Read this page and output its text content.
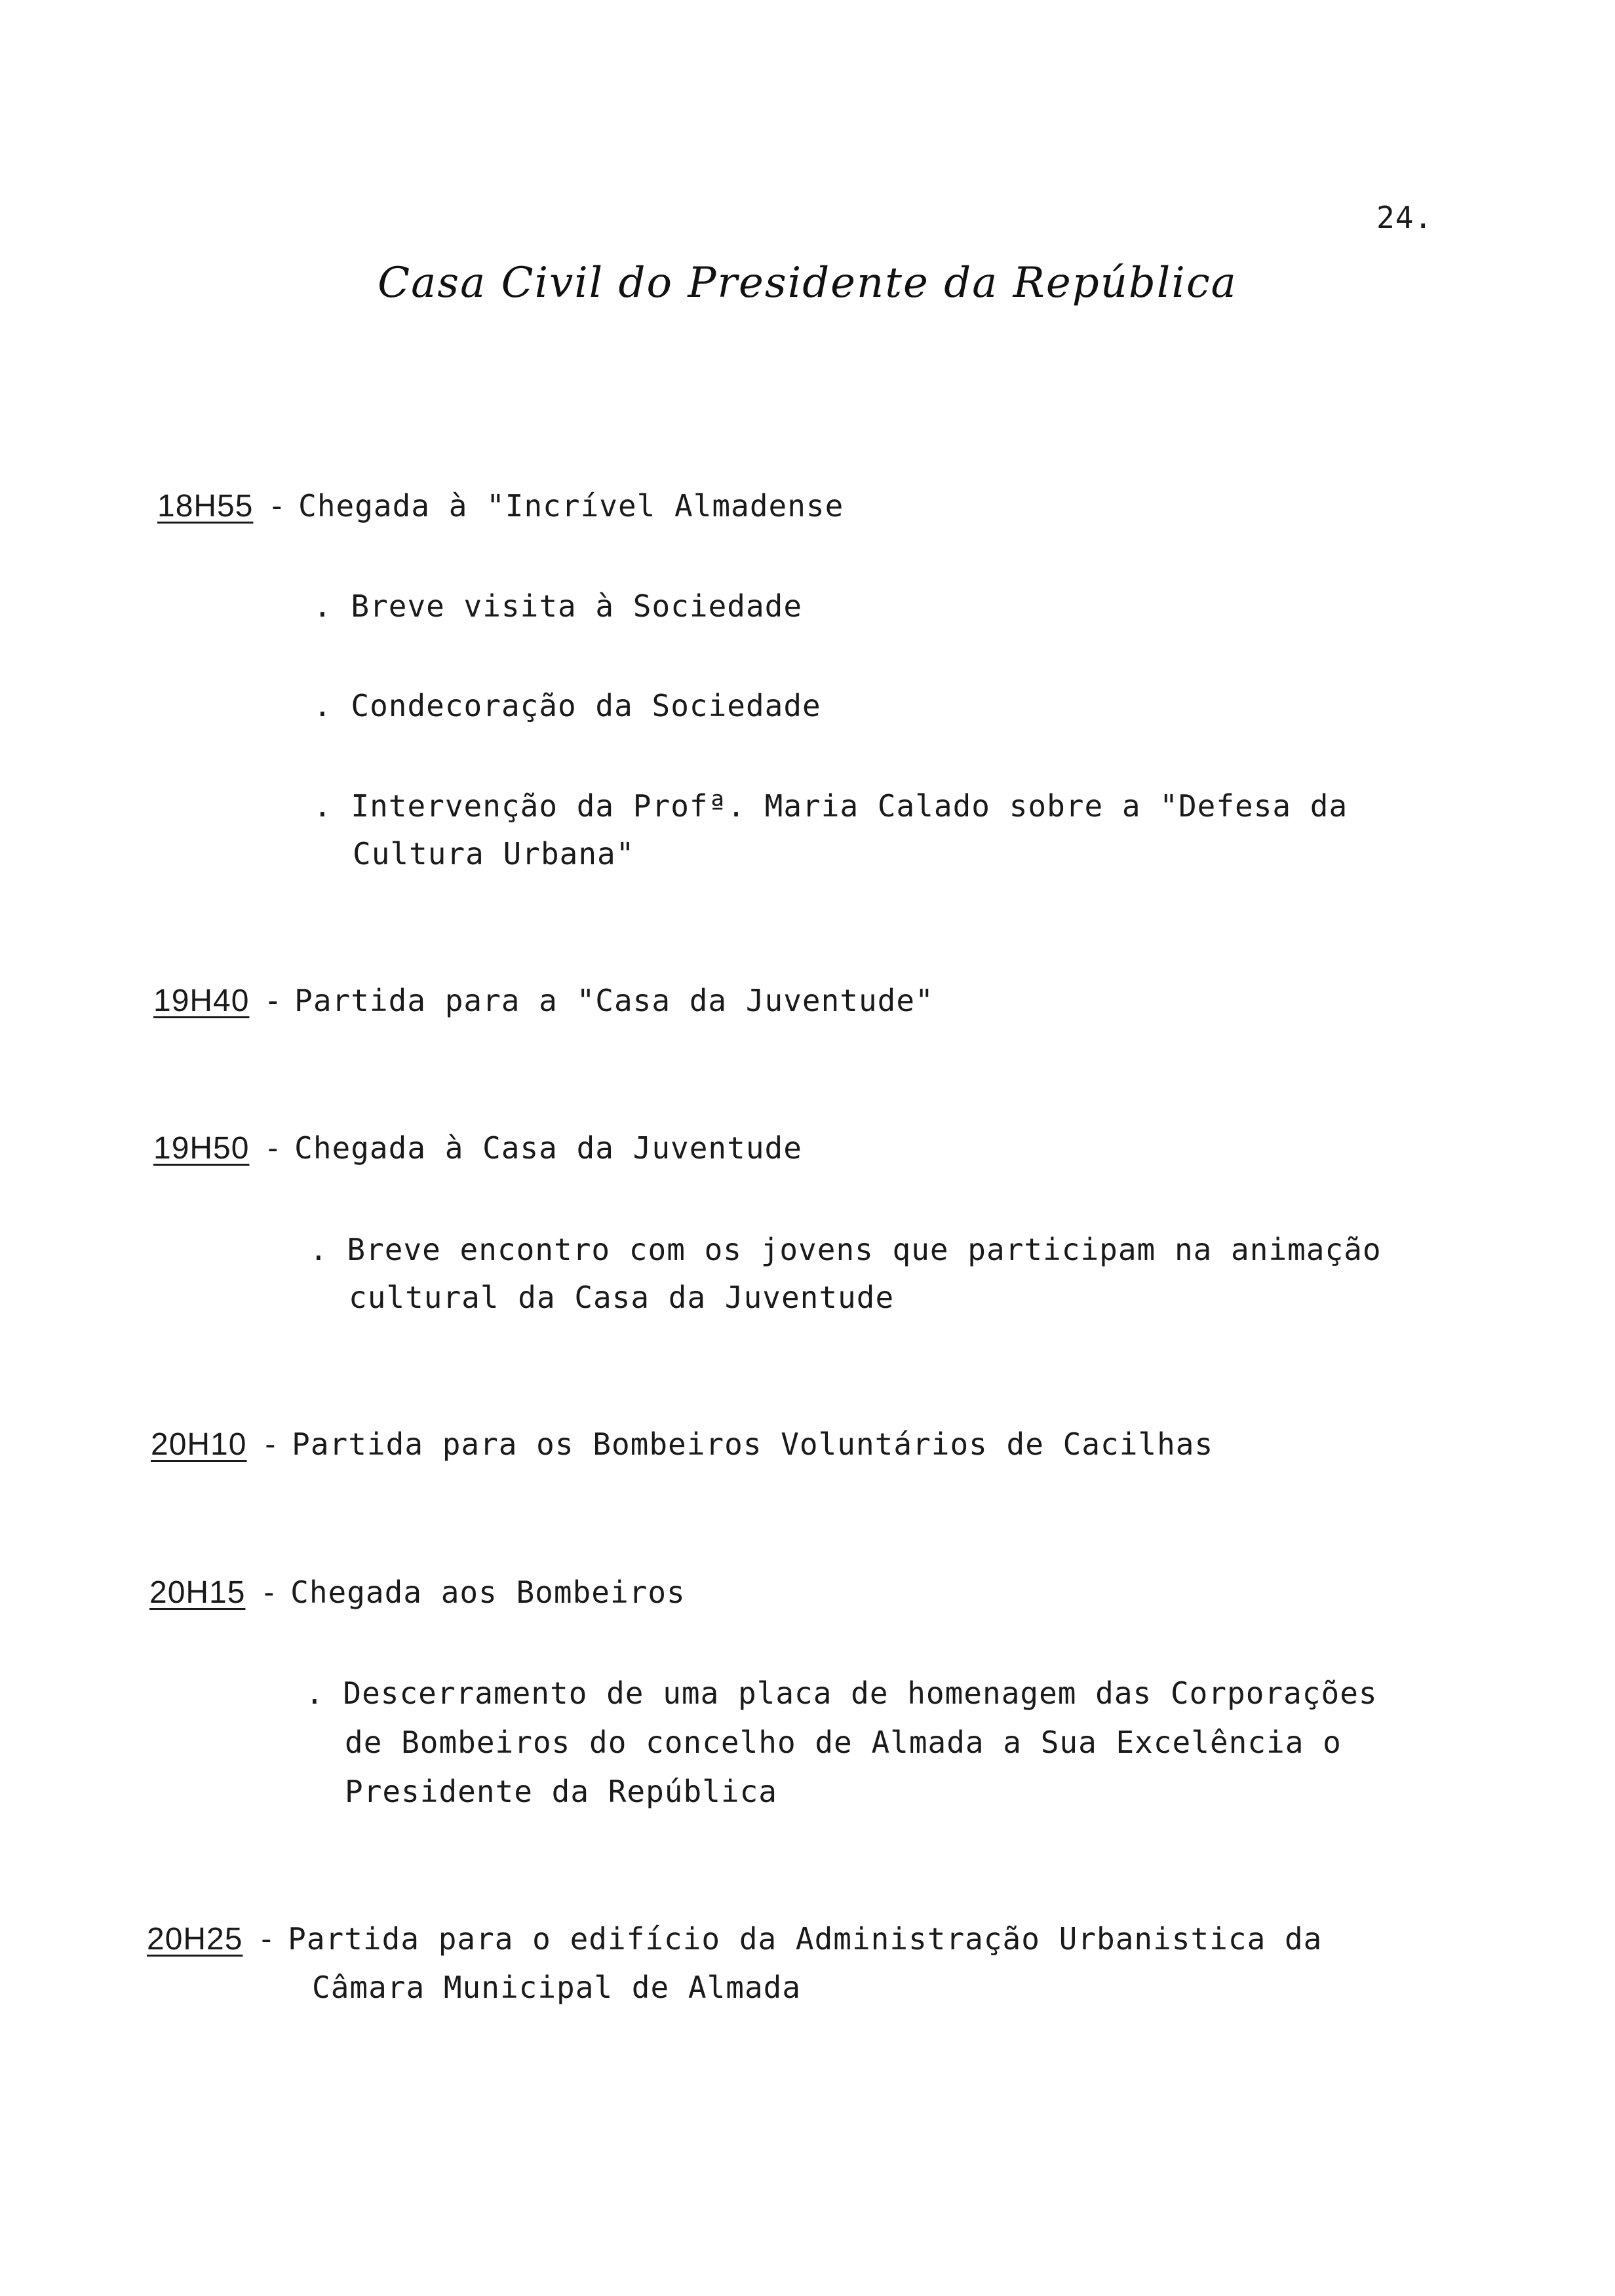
24.
Casa Civil do Presidente da República
18H55 - Chegada à "Incrível Almadense
. Breve visita à Sociedade
. Condecoração da Sociedade
. Intervenção da Profª. Maria Calado sobre a "Defesa da
Cultura Urbana"
19H40 - Partida para a "Casa da Juventude"
19H50 - Chegada à Casa da Juventude
. Breve encontro com os jovens que participam na animação
cultural da Casa da Juventude
20H10 - Partida para os Bombeiros Voluntários de Cacilhas
20H15 - Chegada aos Bombeiros
. Descerramento de uma placa de homenagem das Corporações
de Bombeiros do concelho de Almada a Sua Excelência o
Presidente da República
20H25 - Partida para o edifício da Administração Urbanistica da
Câmara Municipal de Almada
